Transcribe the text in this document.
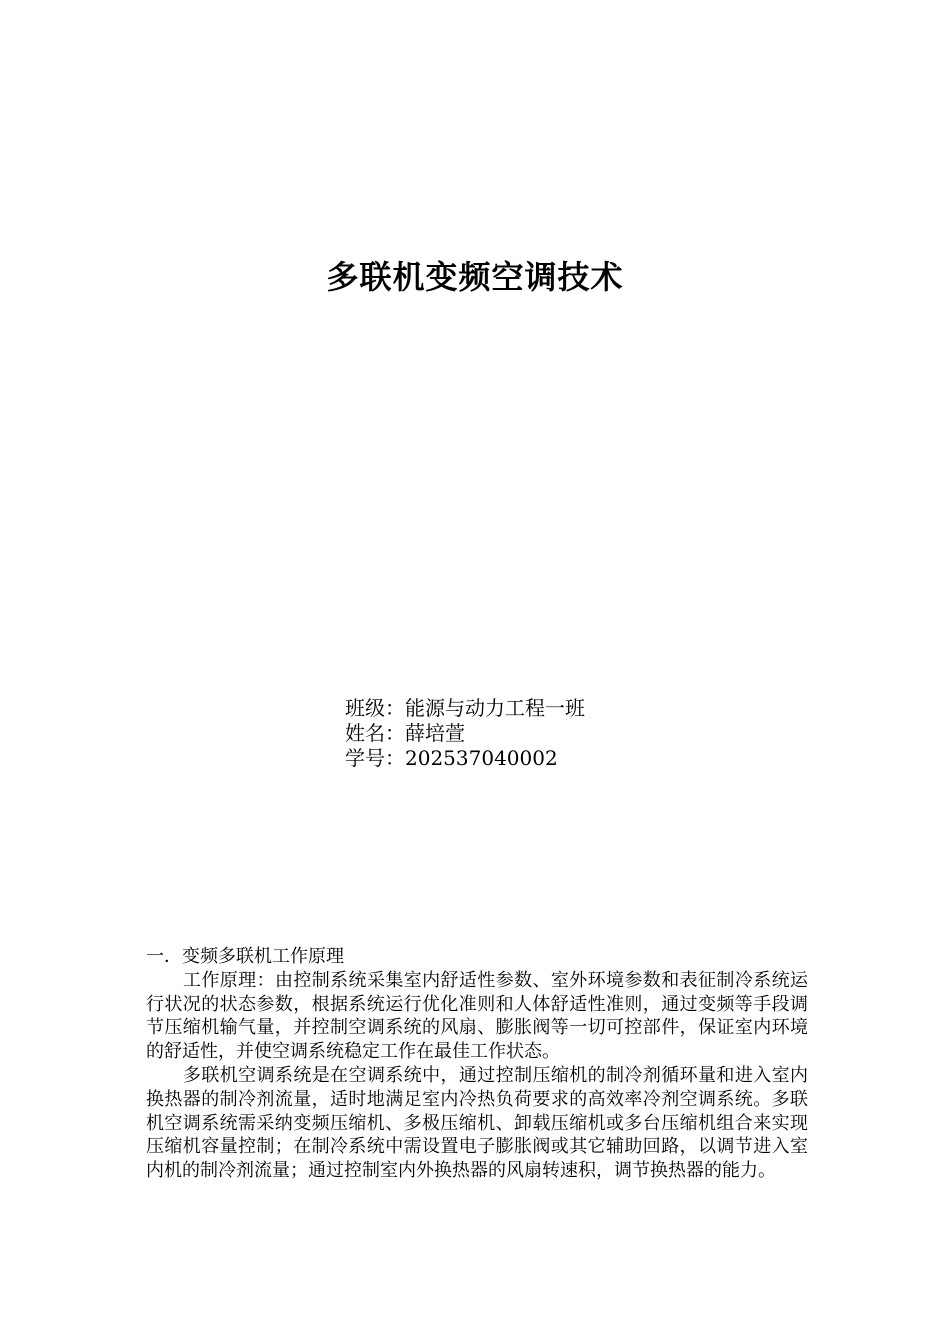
多联机变频空调技术
班级：能源与动力工程一班
姓名：薛培萱
学号：202537040002

一．变频多联机工作原理

工作原理：由控制系统采集室内舒适性参数、室外环境参数和表征制冷系统运行状况的状态参数，根据系统运行优化准则和人体舒适性准则，通过变频等手段调节压缩机输气量，并控制空调系统的风扇、膨胀阀等一切可控部件，保证室内环境的舒适性，并使空调系统稳定工作在最佳工作状态。

多联机空调系统是在空调系统中，通过控制压缩机的制冷剂循环量和进入室内换热器的制冷剂流量，适时地满足室内冷热负荷要求的高效率冷剂空调系统。多联机空调系统需采纳变频压缩机、多极压缩机、卸载压缩机或多台压缩机组合来实现压缩机容量控制；在制冷系统中需设置电子膨胀阀或其它辅助回路，以调节进入室内机的制冷剂流量；通过控制室内外换热器的风扇转速积，调节换热器的能力。
